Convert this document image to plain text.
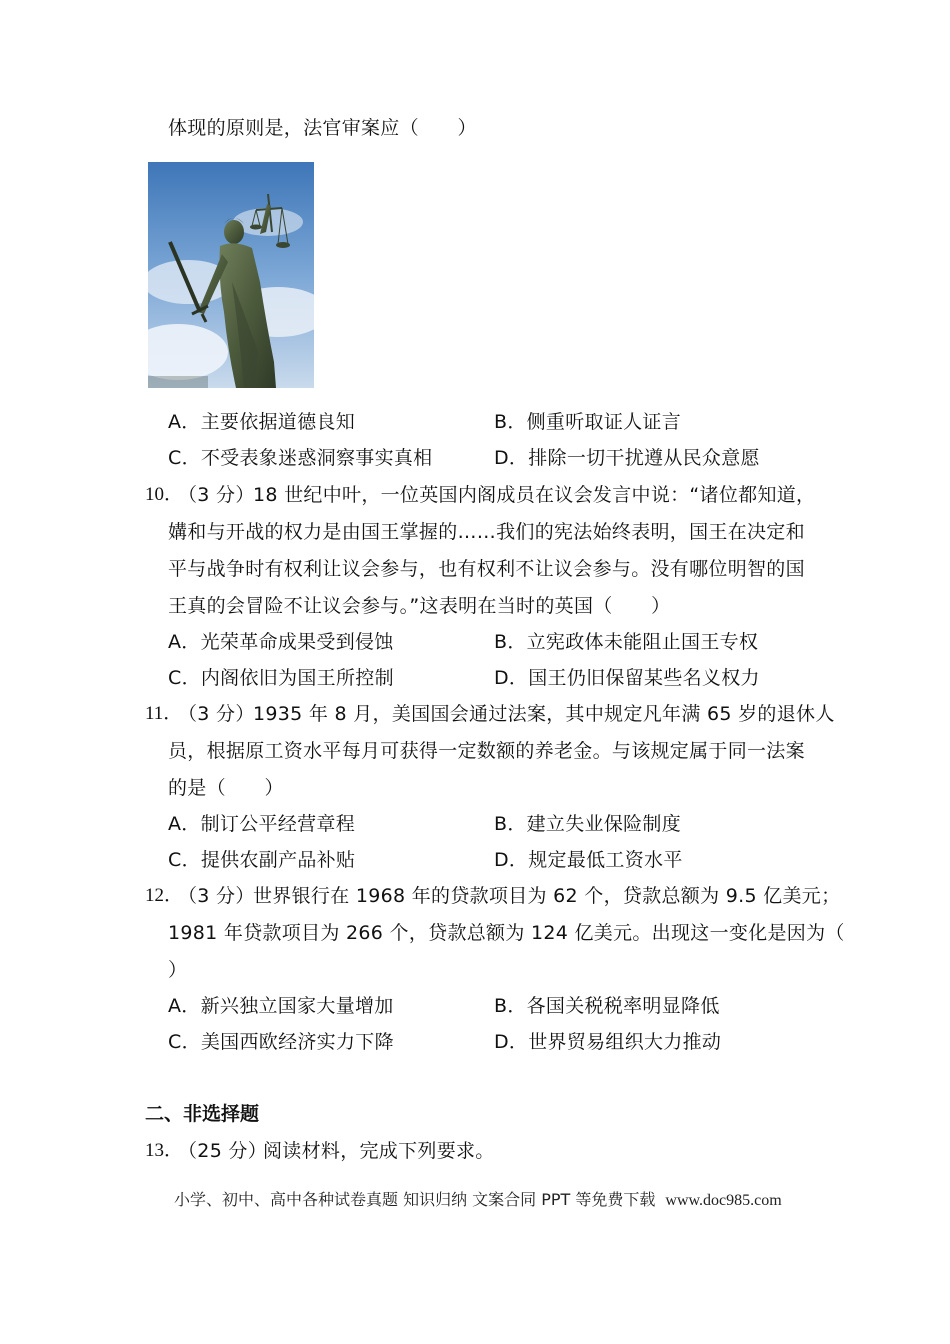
体现的原则是，法官审案应（　　）
A．主要依据道德良知	B．侧重听取证人证言
C．不受表象迷惑洞察事实真相	D．排除一切干扰遵从民众意愿
10．
（3 分）
18 世纪中叶，一位英国内阁成员在议会发言中说：“诸位都知道，
媾和与开战的权力是由国王掌握的……我们的宪法始终表明，国王在决定和
平与战争时有权利让议会参与，也有权利不让议会参与。没有哪位明智的国
王真的会冒险不让议会参与。”这表明在当时的英国（　　）
A．光荣革命成果受到侵蚀	B．立宪政体未能阻止国王专权
C．内阁依旧为国王所控制	D．国王仍旧保留某些名义权力
11．
（3 分）
1935 年 8 月，美国国会通过法案，其中规定凡年满 65 岁的退休人
员，根据原工资水平每月可获得一定数额的养老金。与该规定属于同一法案
的是（　　）
A．制订公平经营章程	B．建立失业保险制度
C．提供农副产品补贴	D．规定最低工资水平
12．
（3 分）
世界银行在 1968 年的贷款项目为 62 个，贷款总额为 9.5 亿美元；
1981 年贷款项目为 266 个，贷款总额为 124 亿美元。出现这一变化是因为（
）
A．新兴独立国家大量增加	B．各国关税税率明显降低
C．美国西欧经济实力下降	D．世界贸易组织大力推动
二、非选择题
13．
（25 分）
阅读材料，完成下列要求。
小学、初中、高中各种试卷真题 知识归纳 文案合同 PPT 等免费下载 www.doc985.com
